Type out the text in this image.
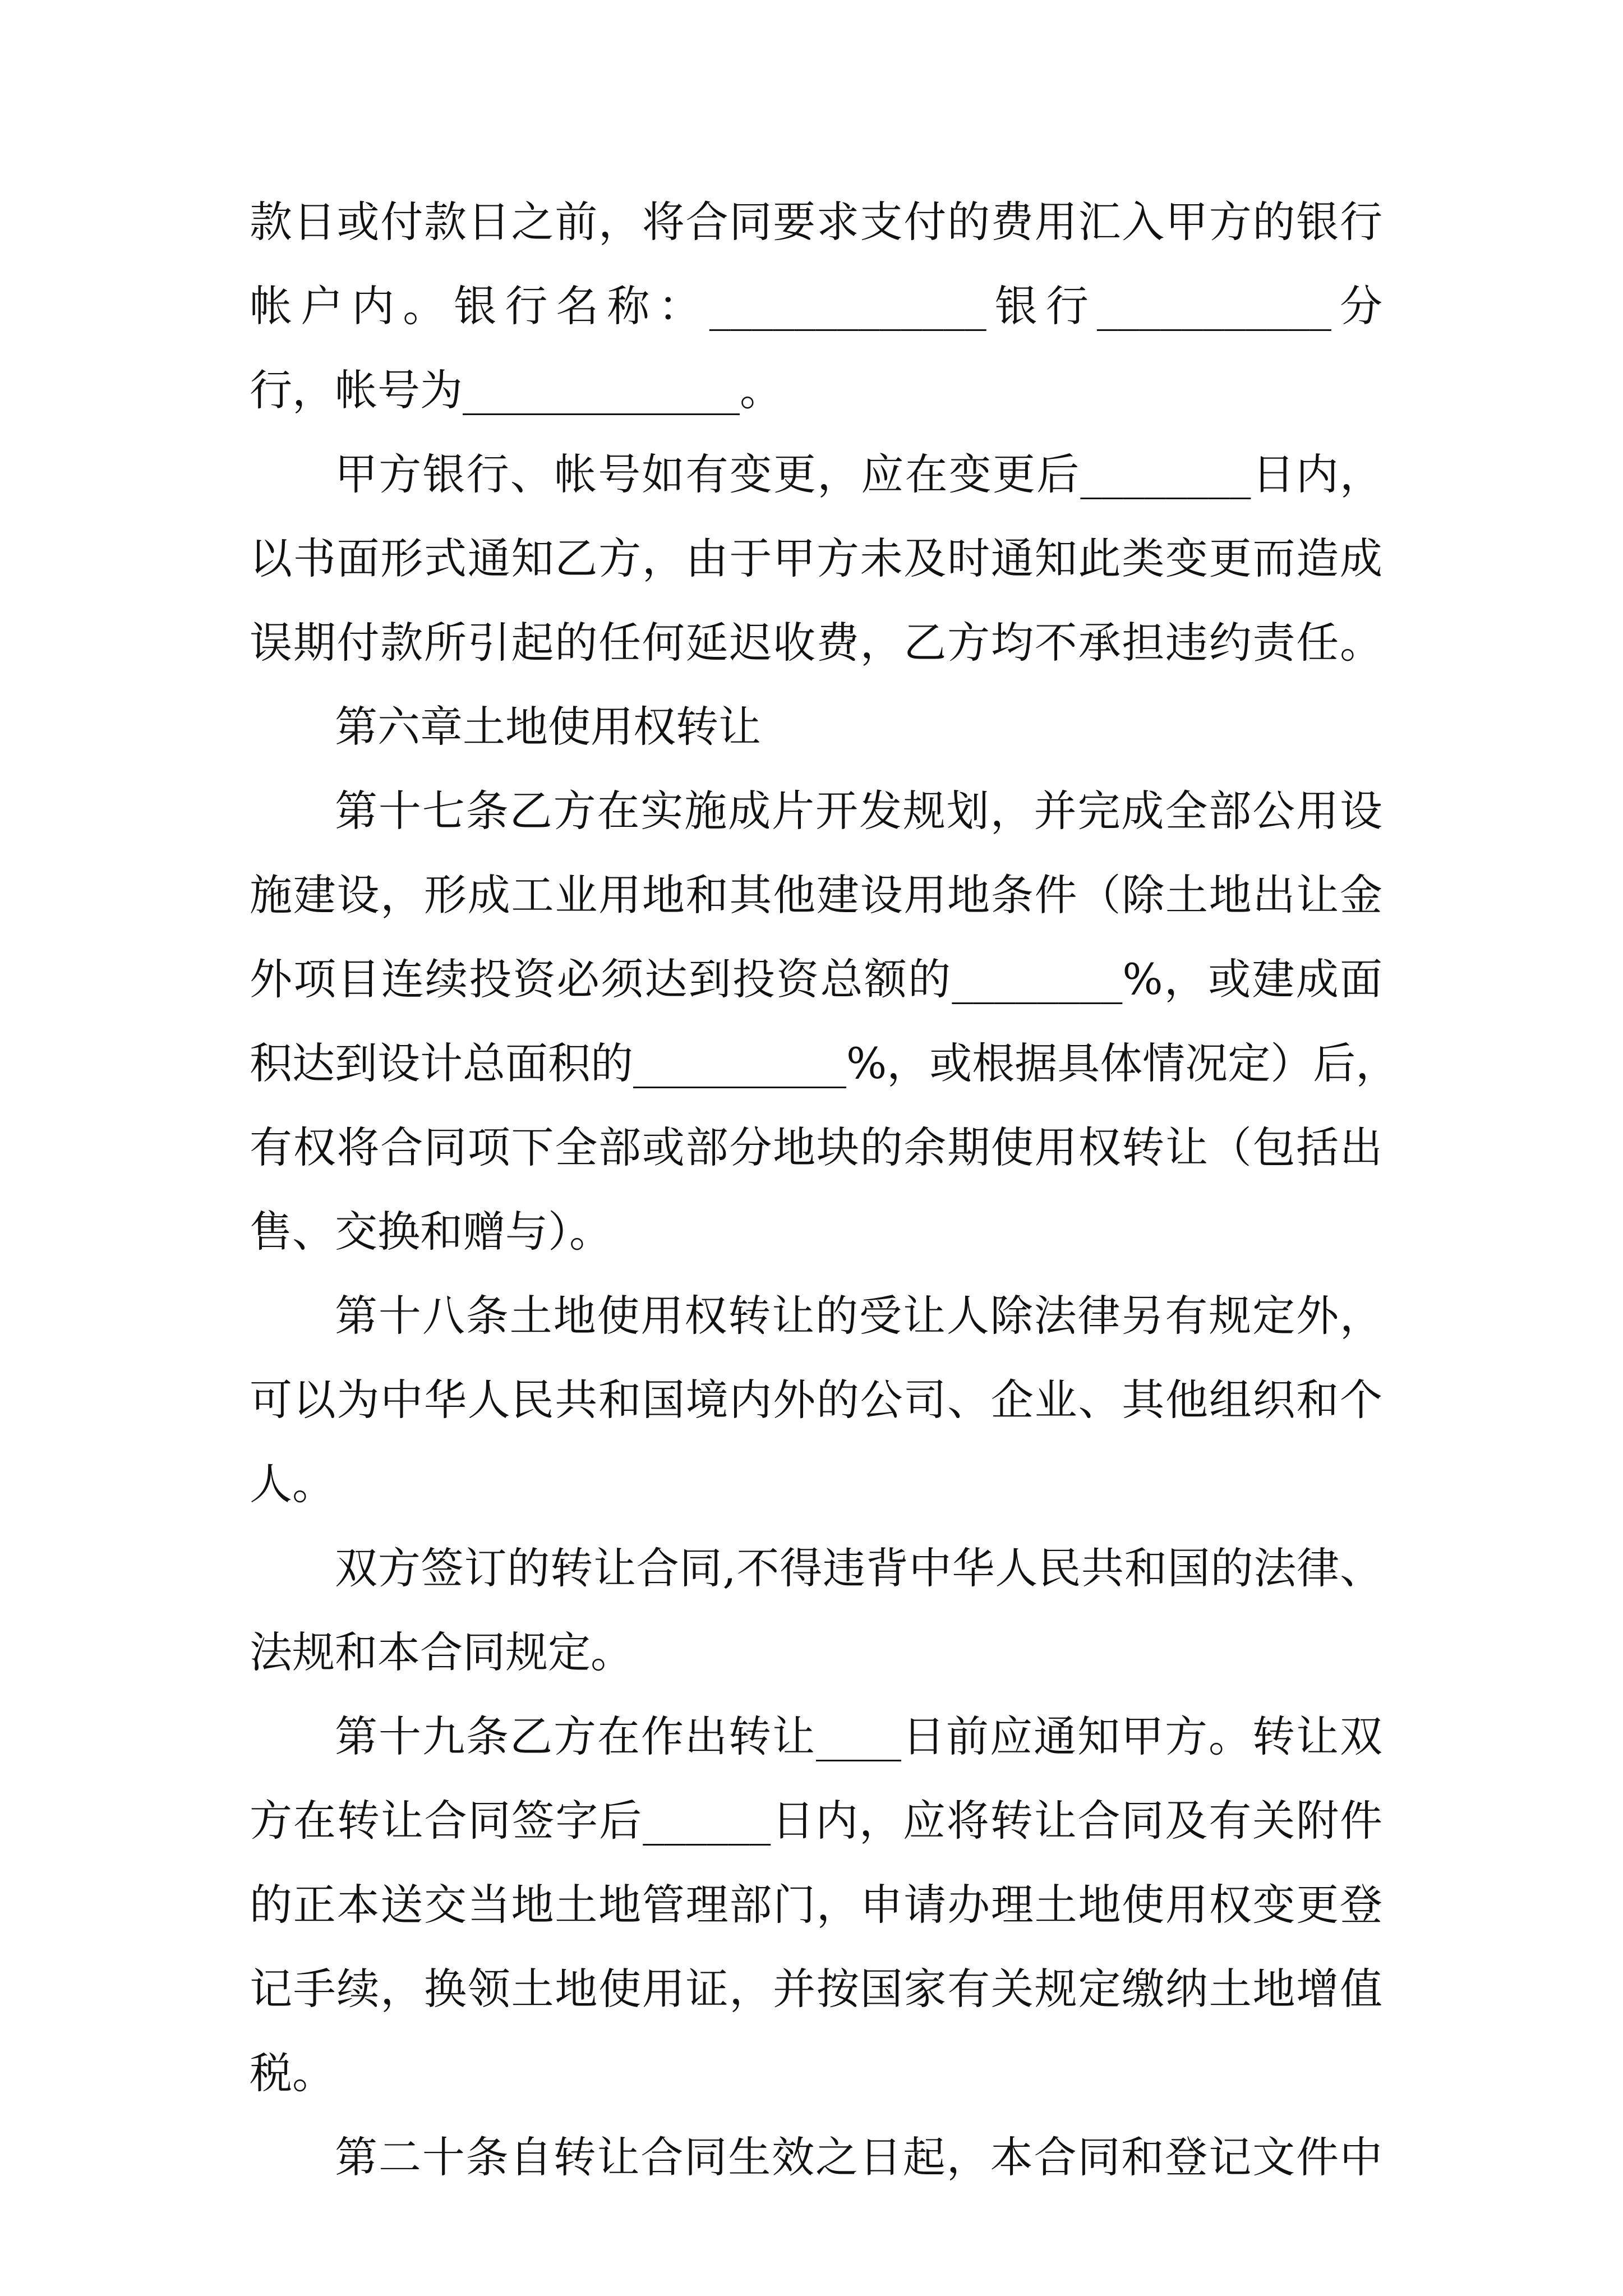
款日或付款日之前，将合同要求支付的费用汇入甲方的银行
帐户内。银行名称：_____________银行___________分
行，帐号为_____________。
甲方银行、帐号如有变更，应在变更后________日内，
以书面形式通知乙方，由于甲方未及时通知此类变更而造成
误期付款所引起的任何延迟收费，乙方均不承担违约责任。
第六章土地使用权转让
第十七条乙方在实施成片开发规划，并完成全部公用设
施建设，形成工业用地和其他建设用地条件（除土地出让金
外项目连续投资必须达到投资总额的________%，或建成面
积达到设计总面积的__________%，或根据具体情况定）后，
有权将合同项下全部或部分地块的余期使用权转让（包括出
售、交换和赠与）。
第十八条土地使用权转让的受让人除法律另有规定外，
可以为中华人民共和国境内外的公司、企业、其他组织和个
人。
双方签订的转让合同,不得违背中华人民共和国的法律、
法规和本合同规定。
第十九条乙方在作出转让____日前应通知甲方。转让双
方在转让合同签字后______日内，应将转让合同及有关附件
的正本送交当地土地管理部门，申请办理土地使用权变更登
记手续，换领土地使用证，并按国家有关规定缴纳土地增值
税。
第二十条自转让合同生效之日起，本合同和登记文件中
